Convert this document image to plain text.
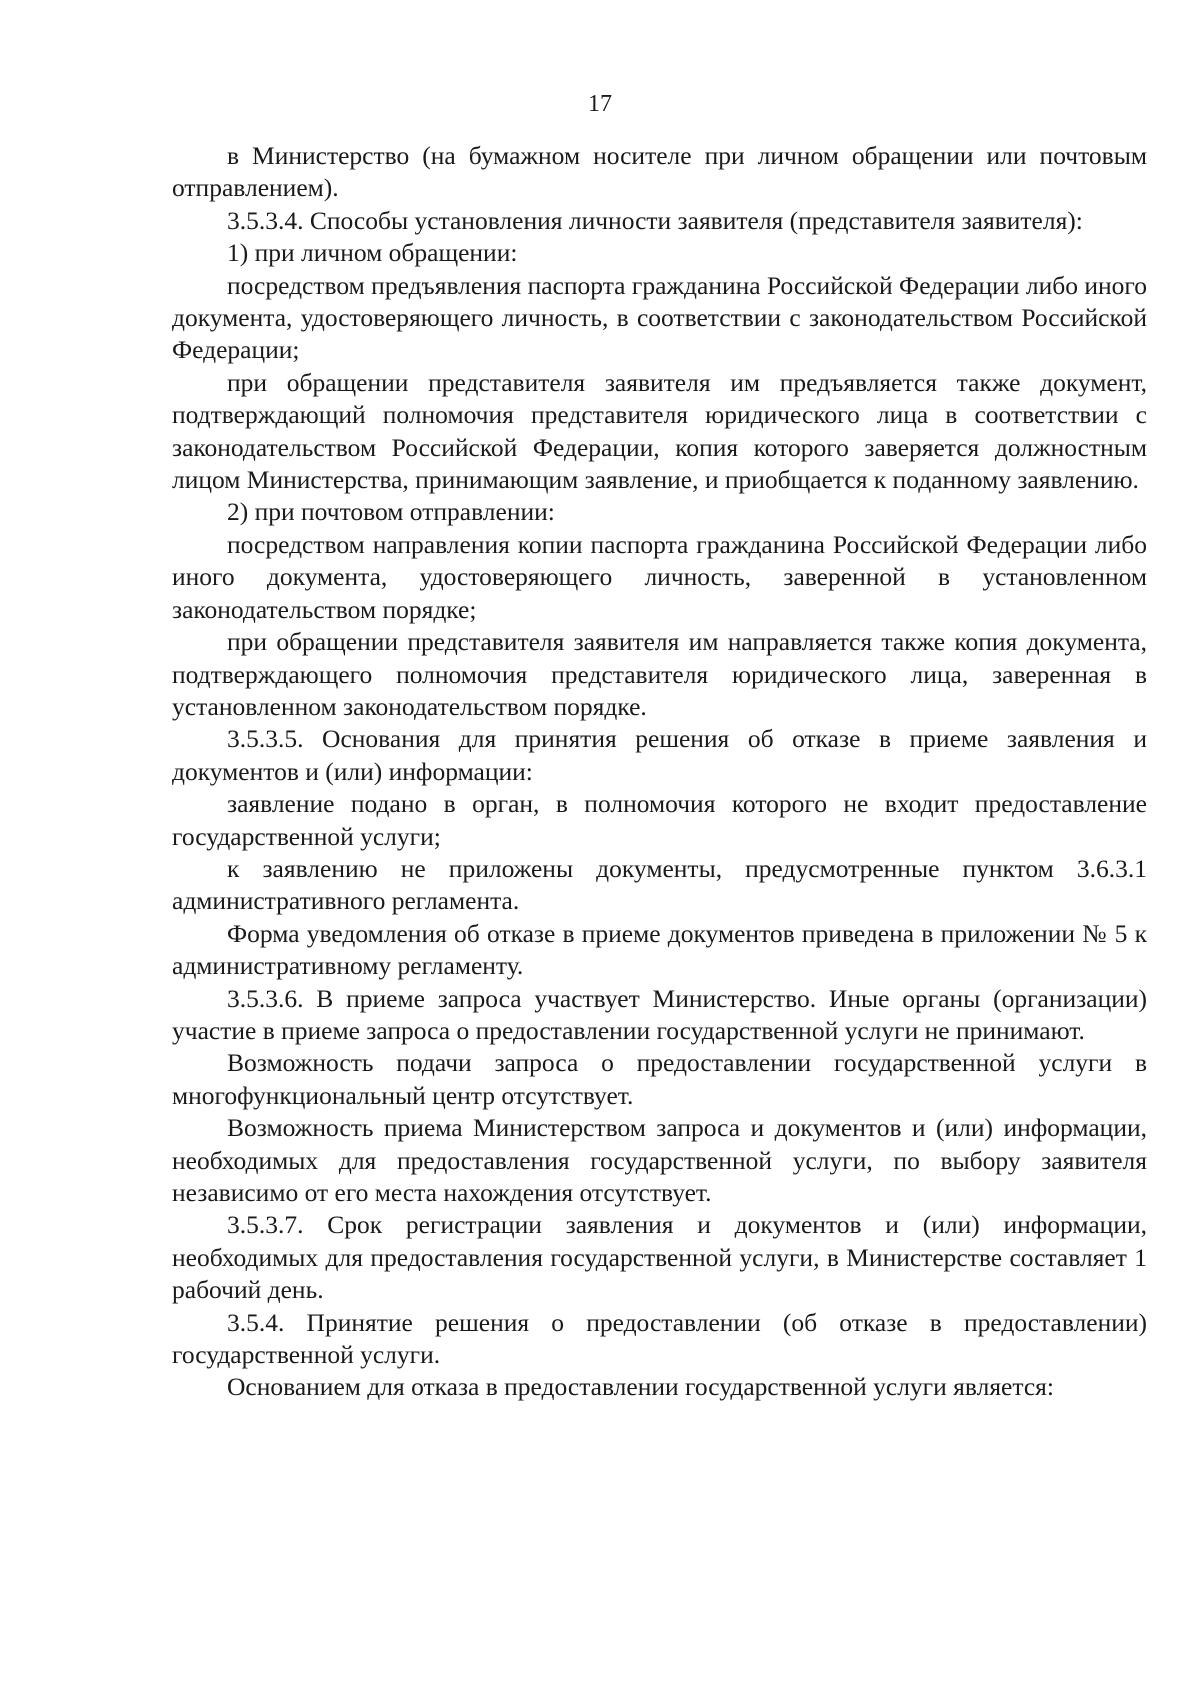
17

в Министерство (на бумажном носителе при личном обращении или почтовым отправлением).

3.5.3.4. Способы установления личности заявителя (представителя заявителя):

1) при личном обращении:

посредством предъявления паспорта гражданина Российской Федерации либо иного документа, удостоверяющего личность, в соответствии с законодательством Российской Федерации;

при обращении представителя заявителя им предъявляется также документ, подтверждающий полномочия представителя юридического лица в соответствии с законодательством Российской Федерации, копия которого заверяется должностным лицом Министерства, принимающим заявление, и приобщается к поданному заявлению.

2) при почтовом отправлении:

посредством направления копии паспорта гражданина Российской Федерации либо иного документа, удостоверяющего личность, заверенной в установленном законодательством порядке;

при обращении представителя заявителя им направляется также копия документа, подтверждающего полномочия представителя юридического лица, заверенная в установленном законодательством порядке.

3.5.3.5. Основания для принятия решения об отказе в приеме заявления и документов и (или) информации:

заявление подано в орган, в полномочия которого не входит предоставление государственной услуги;

к заявлению не приложены документы, предусмотренные пунктом 3.6.3.1 административного регламента.

Форма уведомления об отказе в приеме документов приведена в приложении № 5 к административному регламенту.

3.5.3.6. В приеме запроса участвует Министерство. Иные органы (организации) участие в приеме запроса о предоставлении государственной услуги не принимают.

Возможность подачи запроса о предоставлении государственной услуги в многофункциональный центр отсутствует.

Возможность приема Министерством запроса и документов и (или) информации, необходимых для предоставления государственной услуги, по выбору заявителя независимо от его места нахождения отсутствует.

3.5.3.7. Срок регистрации заявления и документов и (или) информации, необходимых для предоставления государственной услуги, в Министерстве составляет 1 рабочий день.

3.5.4. Принятие решения о предоставлении (об отказе в предоставлении) государственной услуги.

Основанием для отказа в предоставлении государственной услуги является:
